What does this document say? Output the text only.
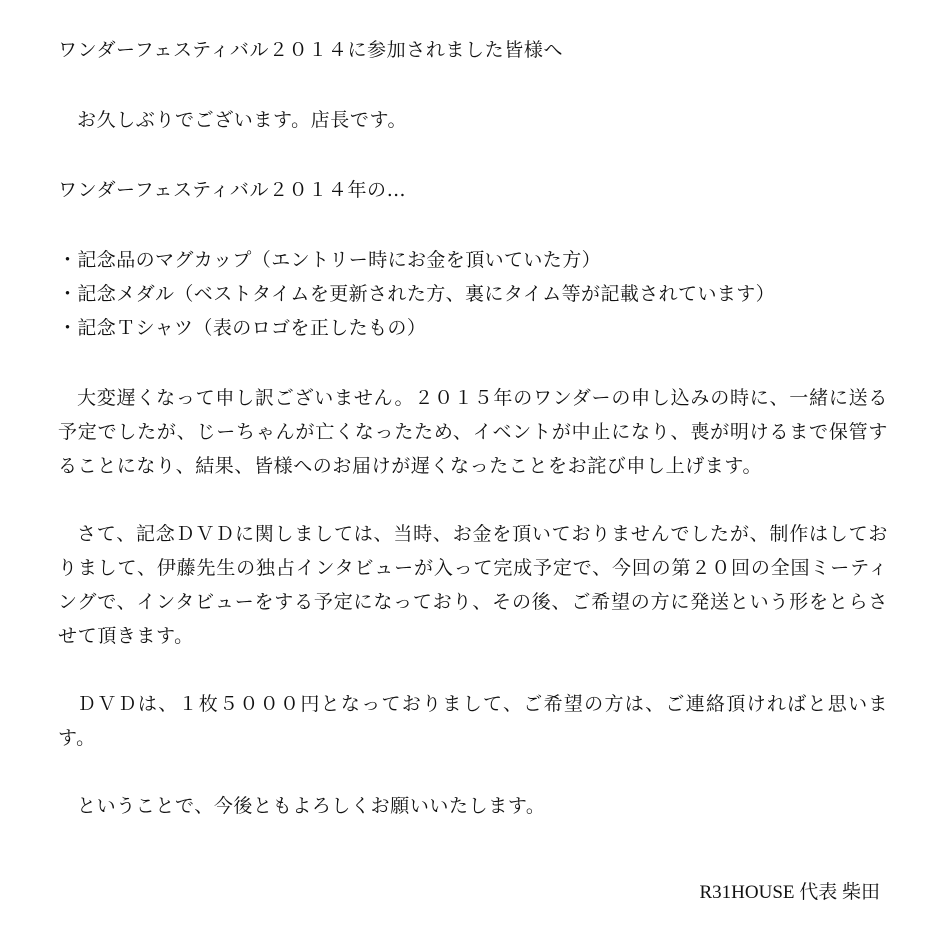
ワンダーフェスティバル２０１４に参加されました皆様へ
お久しぶりでございます。店長です。
ワンダーフェスティバル２０１４年の…
・記念品のマグカップ（エントリー時にお金を頂いていた方）
・記念メダル（ベストタイムを更新された方、裏にタイム等が記載されています）
・記念Ｔシャツ（表のロゴを正したもの）

大変遅くなって申し訳ございません。２０１５年のワンダーの申し込みの時に、一緒に送る予定でしたが、じーちゃんが亡くなったため、イベントが中止になり、喪が明けるまで保管することになり、結果、皆様へのお届けが遅くなったことをお詫び申し上げます。

さて、記念ＤＶＤに関しましては、当時、お金を頂いておりませんでしたが、制作はしておりまして、伊藤先生の独占インタビューが入って完成予定で、今回の第２０回の全国ミーティングで、インタビューをする予定になっており、その後、ご希望の方に発送という形をとらさせて頂きます。

ＤＶＤは、１枚５０００円となっておりまして、ご希望の方は、ご連絡頂ければと思います。

ということで、今後ともよろしくお願いいたします。
R31HOUSE 代表 柴田
